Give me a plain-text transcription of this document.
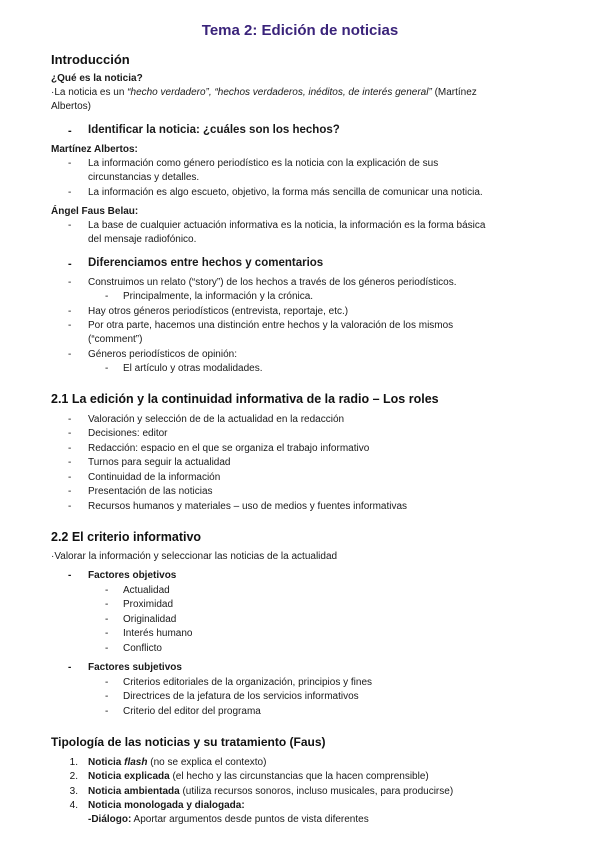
Tema 2: Edición de noticias
Introducción
¿Qué es la noticia?
·La noticia es un “hecho verdadero”, “hechos verdaderos, inéditos, de interés general” (Martínez
Albertos)
- Identificar la noticia: ¿cuáles son los hechos?
Martínez Albertos:
- La información como género periodístico es la noticia con la explicación de sus
circunstancias y detalles.
- La información es algo escueto, objetivo, la forma más sencilla de comunicar una noticia.
Ángel Faus Belau:
- La base de cualquier actuación informativa es la noticia, la información es la forma básica
del mensaje radiofónico.
- Diferenciamos entre hechos y comentarios
- Construimos un relato (“story”) de los hechos a través de los géneros periodísticos.
- Principalmente, la información y la crónica.
- Hay otros géneros periodísticos (entrevista, reportaje, etc.)
- Por otra parte, hacemos una distinción entre hechos y la valoración de los mismos
(“comment”)
- Géneros periodísticos de opinión:
- El artículo y otras modalidades.
2.1 La edición y la continuidad informativa de la radio – Los roles
- Valoración y selección de de la actualidad en la redacción
- Decisiones: editor
- Redacción: espacio en el que se organiza el trabajo informativo
- Turnos para seguir la actualidad
- Continuidad de la información
- Presentación de las noticias
- Recursos humanos y materiales – uso de medios y fuentes informativas
2.2 El criterio informativo
·Valorar la información y seleccionar las noticias de la actualidad
- Factores objetivos
- Actualidad
- Proximidad
- Originalidad
- Interés humano
- Conflicto
- Factores subjetivos
- Criterios editoriales de la organización, principios y fines
- Directrices de la jefatura de los servicios informativos
- Criterio del editor del programa
Tipología de las noticias y su tratamiento (Faus)
1. Noticia flash (no se explica el contexto)
2. Noticia explicada (el hecho y las circunstancias que la hacen comprensible)
3. Noticia ambientada (utiliza recursos sonoros, incluso musicales, para producirse)
4. Noticia monologada y dialogada:
-Diálogo: Aportar argumentos desde puntos de vista diferentes
